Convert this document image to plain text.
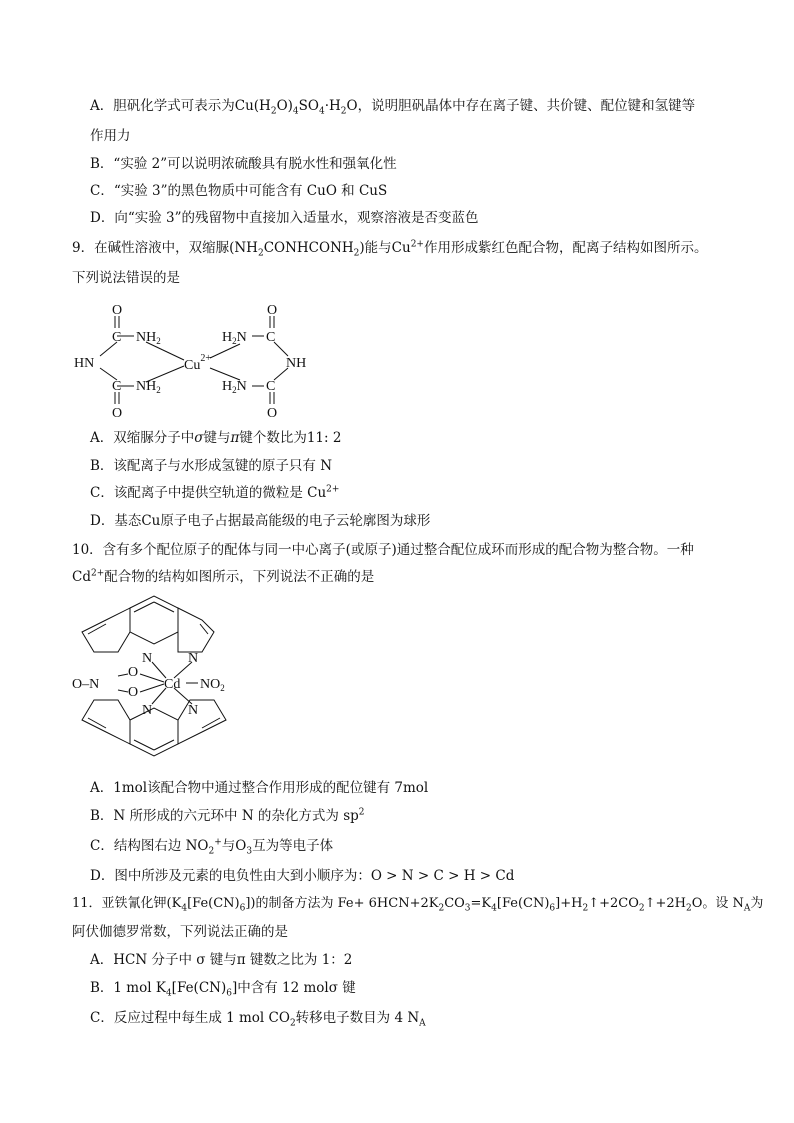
A．胆矾化学式可表示为$Cu(H_2O)_4SO_4\cdot H_2O$，说明胆矾晶体中存在离子键、共价键、配位键和氢键等
作用力
B．“实验 2”可以说明浓硫酸具有脱水性和强氧化性
C．“实验 3”的黑色物质中可能含有 CuO 和 CuS
D．向“实验 3”的残留物中直接加入适量水，观察溶液是否变蓝色
9．在碱性溶液中，双缩脲$(NH_2CONHCONH_2)$能与$Cu^{2+}$作用形成紫红色配合物，配离子结构如图所示。
下列说法错误的是
O
C $NH_2$
HN
C $NH_2$
O
$Cu^{2+}$
O
$H_2N$ C
NH
$H_2N$ C
O
A．双缩脲分子中σ键与π键个数比为11: 2
B．该配离子与水形成氢键的原子只有 N
C．该配离子中提供空轨道的微粒是 $Cu^{2+}$
D．基态Cu原子电子占据最高能级的电子云轮廓图为球形
10．含有多个配位原子的配体与同一中心离子(或原子)通过整合配位成环而形成的配合物为整合物。一种
$Cd^{2+}$配合物的结构如图所示，下列说法不正确的是
N	N
O
O
O–N	Cd $NO_2$
N	N
A．1mol该配合物中通过整合作用形成的配位键有 7mol
B．N 所形成的六元环中 N 的杂化方式为 $sp^2$
C．结构图右边 $NO_2^+$与$O_3$互为等电子体
D．图中所涉及元素的电负性由大到小顺序为：O > N > C > H > Cd
11．亚铁氰化钾$(K_4[Fe(CN)_6])$的制备方法为 $Fe+ 6HCN+2K_2CO_3=K_4[Fe(CN)_6]+H_2↑+2CO_2↑+2H_2O$。设 $N_A$为
阿伏伽德罗常数，下列说法正确的是
A．HCN 分子中 σ 键与π 键数之比为 1：2
B．1 mol $K_4[Fe(CN)_6]$中含有 12 molσ 键
C．反应过程中每生成 1 mol $CO_2$转移电子数目为 4 $N_A$
